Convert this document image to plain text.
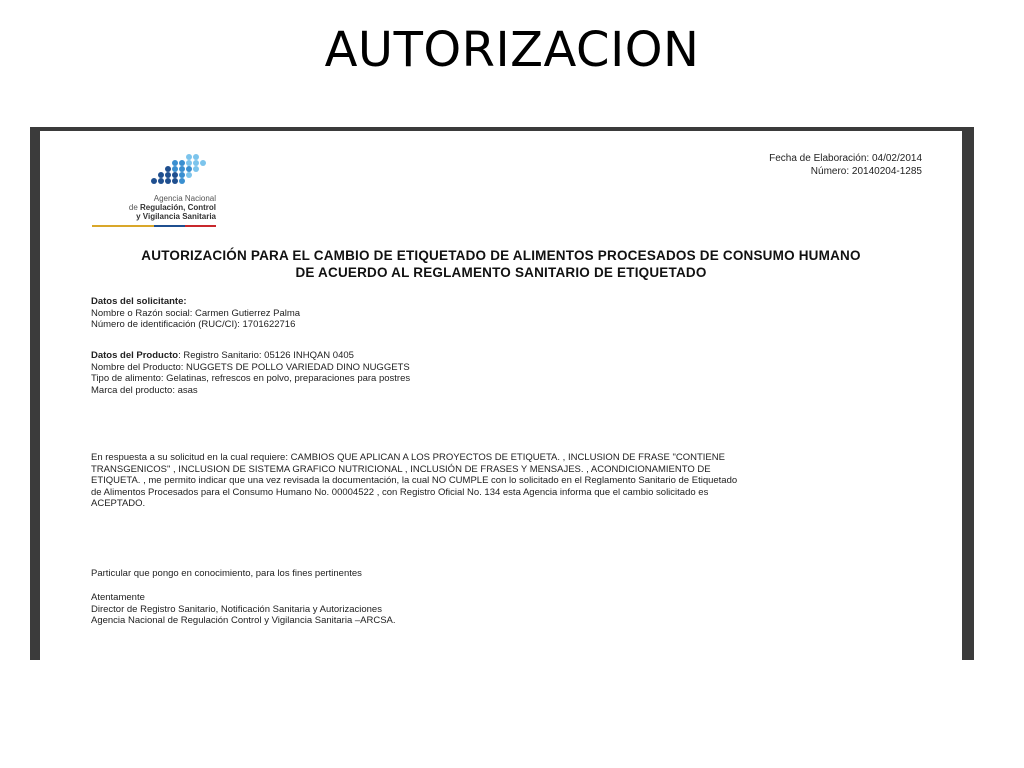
AUTORIZACION
Agencia Nacional
de Regulación, Control
y Vigilancia Sanitaria
Fecha de Elaboración: 04/02/2014
Número: 20140204-1285
AUTORIZACIÓN PARA EL CAMBIO DE ETIQUETADO DE ALIMENTOS PROCESADOS DE CONSUMO HUMANO
DE ACUERDO AL REGLAMENTO SANITARIO DE ETIQUETADO
Datos del solicitante:
Nombre o Razón social: Carmen Gutierrez Palma
Número de identificación (RUC/CI): 1701622716
Datos del Producto: Registro Sanitario: 05126 INHQAN 0405
Nombre del Producto: NUGGETS DE POLLO VARIEDAD DINO NUGGETS
Tipo de alimento: Gelatinas, refrescos en polvo, preparaciones para postres
Marca del producto: asas
En respuesta a su solicitud en la cual requiere: CAMBIOS QUE APLICAN A LOS PROYECTOS DE ETIQUETA. , INCLUSION DE FRASE "CONTIENE
TRANSGENICOS" , INCLUSION DE SISTEMA GRAFICO NUTRICIONAL , INCLUSIÓN DE FRASES Y MENSAJES. , ACONDICIONAMIENTO DE
ETIQUETA. , me permito indicar que una vez revisada la documentación, la cual NO CUMPLE con lo solicitado en el Reglamento Sanitario de Etiquetado
de Alimentos Procesados para el Consumo Humano No. 00004522 , con Registro Oficial No. 134 esta Agencia informa que el cambio solicitado es
ACEPTADO.
Particular que pongo en conocimiento, para los fines pertinentes
Atentamente
Director de Registro Sanitario, Notificación Sanitaria y Autorizaciones
Agencia Nacional de Regulación Control y Vigilancia Sanitaria –ARCSA.
